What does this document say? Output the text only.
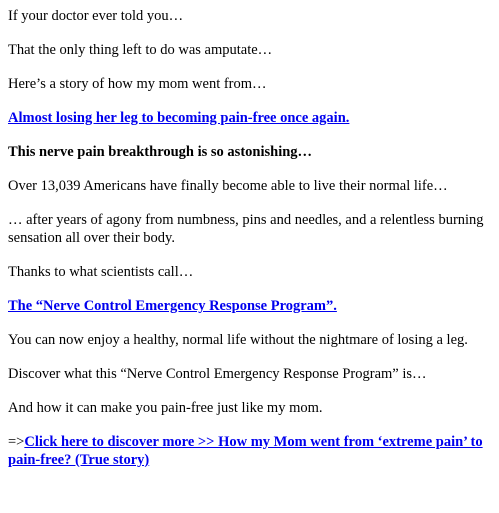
If your doctor ever told you…

That the only thing left to do was amputate…

Here’s a story of how my mom went from…

Almost losing her leg to becoming pain-free once again.

This nerve pain breakthrough is so astonishing…

Over 13,039 Americans have finally become able to live their normal life…

… after years of agony from numbness, pins and needles, and a relentless burning sensation all over their body.

Thanks to what scientists call…

The “Nerve Control Emergency Response Program”.

You can now enjoy a healthy, normal life without the nightmare of losing a leg.

Discover what this “Nerve Control Emergency Response Program” is…

And how it can make you pain-free just like my mom.

=>Click here to discover more >> How my Mom went from ‘extreme pain’ to pain-free? (True story)
